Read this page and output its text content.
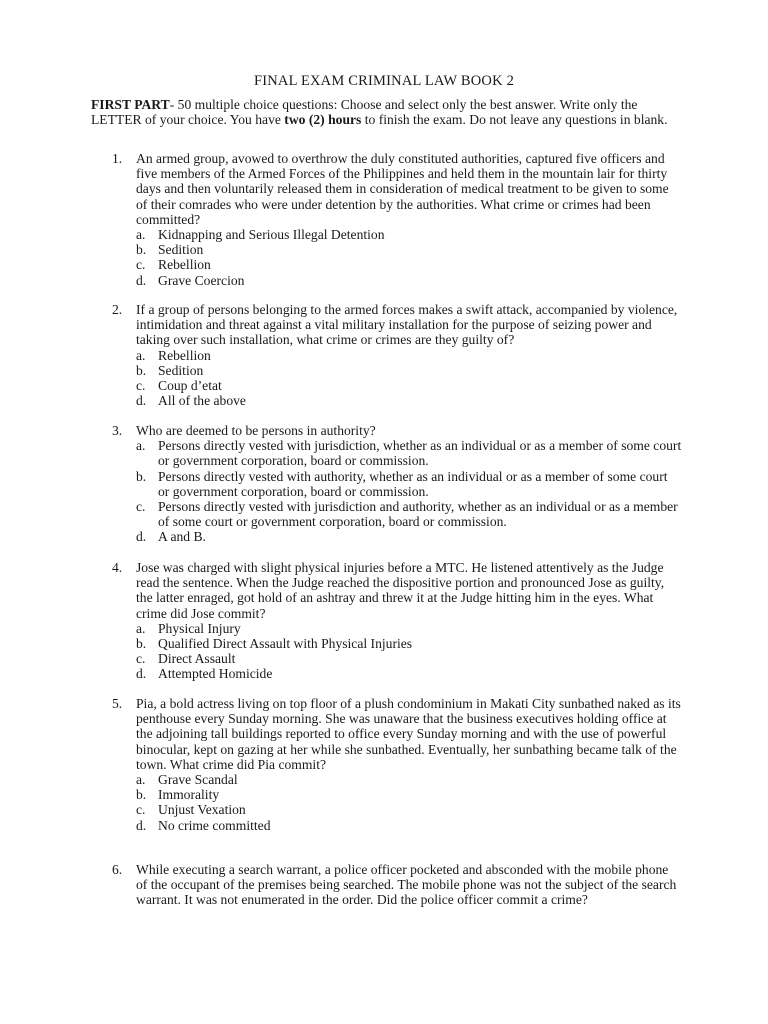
FINAL EXAM CRIMINAL LAW BOOK 2
FIRST PART- 50 multiple choice questions: Choose and select only the best answer. Write only the LETTER of your choice. You have two (2) hours to finish the exam. Do not leave any questions in blank.
1.	An armed group, avowed to overthrow the duly constituted authorities, captured five officers and five members of the Armed Forces of the Philippines and held them in the mountain lair for thirty days and then voluntarily released them in consideration of medical treatment to be given to some of their comrades who were under detention by the authorities. What crime or crimes had been committed?
a. Kidnapping and Serious Illegal Detention
b. Sedition
c. Rebellion
d. Grave Coercion
2.	If a group of persons belonging to the armed forces makes a swift attack, accompanied by violence, intimidation and threat against a vital military installation for the purpose of seizing power and taking over such installation, what crime or crimes are they guilty of?
a. Rebellion
b. Sedition
c. Coup d’etat
d. All of the above
3.	Who are deemed to be persons in authority?
a. Persons directly vested with jurisdiction, whether as an individual or as a member of some court or government corporation, board or commission.
b. Persons directly vested with authority, whether as an individual or as a member of some court or government corporation, board or commission.
c. Persons directly vested with jurisdiction and authority, whether as an individual or as a member of some court or government corporation, board or commission.
d. A and B.
4.	Jose was charged with slight physical injuries before a MTC. He listened attentively as the Judge read the sentence. When the Judge reached the dispositive portion and pronounced Jose as guilty, the latter enraged, got hold of an ashtray and threw it at the Judge hitting him in the eyes. What crime did Jose commit?
a. Physical Injury
b. Qualified Direct Assault with Physical Injuries
c. Direct Assault
d. Attempted Homicide
5.	Pia, a bold actress living on top floor of a plush condominium in Makati City sunbathed naked as its penthouse every Sunday morning. She was unaware that the business executives holding office at the adjoining tall buildings reported to office every Sunday morning and with the use of powerful binocular, kept on gazing at her while she sunbathed. Eventually, her sunbathing became talk of the town. What crime did Pia commit?
a. Grave Scandal
b. Immorality
c. Unjust Vexation
d. No crime committed
6.	While executing a search warrant, a police officer pocketed and absconded with the mobile phone of the occupant of the premises being searched. The mobile phone was not the subject of the search warrant. It was not enumerated in the order. Did the police officer commit a crime?
